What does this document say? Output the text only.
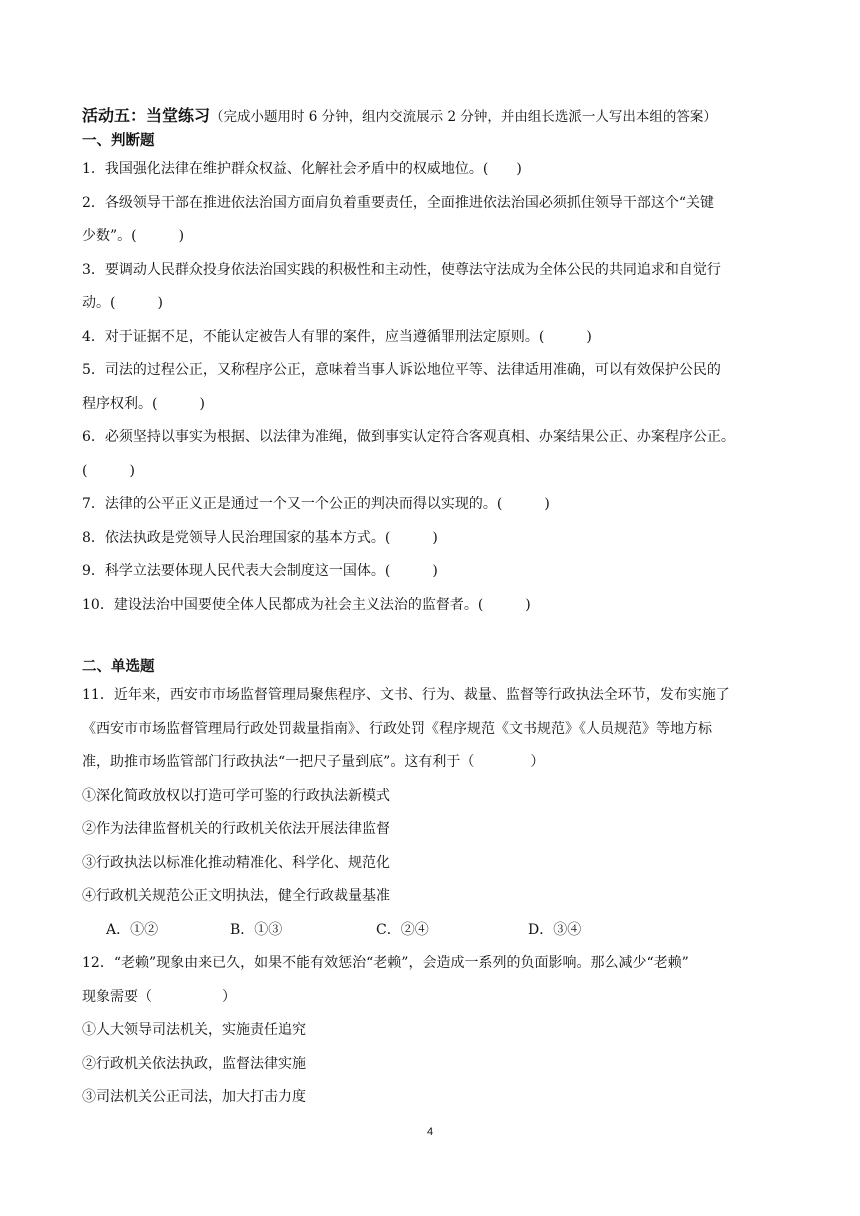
活动五：当堂练习（完成小题用时 6 分钟，组内交流展示 2 分钟，并由组长选派一人写出本组的答案）

一、判断题

1．我国强化法律在维护群众权益、化解社会矛盾中的权威地位。(　　)

2．各级领导干部在推进依法治国方面肩负着重要责任，全面推进依法治国必须抓住领导干部这个“关键

少数”。(　　　)

3．要调动人民群众投身依法治国实践的积极性和主动性，使尊法守法成为全体公民的共同追求和自觉行

动。(　　　)

4．对于证据不足，不能认定被告人有罪的案件，应当遵循罪刑法定原则。(　　　)

5．司法的过程公正，又称程序公正，意味着当事人诉讼地位平等、法律适用准确，可以有效保护公民的

程序权利。(　　　)

6．必须坚持以事实为根据、以法律为准绳，做到事实认定符合客观真相、办案结果公正、办案程序公正。

(　　　)

7．法律的公平正义正是通过一个又一个公正的判决而得以实现的。(　　　)

8．依法执政是党领导人民治理国家的基本方式。(　　　)

9．科学立法要体现人民代表大会制度这一国体。(　　　)

10．建设法治中国要使全体人民都成为社会主义法治的监督者。(　　　)

二、单选题

11．近年来，西安市市场监督管理局聚焦程序、文书、行为、裁量、监督等行政执法全环节，发布实施了

《西安市市场监督管理局行政处罚裁量指南》、行政处罚《程序规范《文书规范》《人员规范》等地方标

准，助推市场监管部门行政执法“一把尺子量到底”。这有利于（　　　　）

①深化简政放权以打造可学可鉴的行政执法新模式

②作为法律监督机关的行政机关依法开展法律监督

③行政执法以标准化推动精准化、科学化、规范化

④行政机关规范公正文明执法，健全行政裁量基准

A．①②	B．①③	C．②④	D．③④

12．“老赖”现象由来已久，如果不能有效惩治“老赖”，会造成一系列的负面影响。那么减少“老赖”

现象需要（　　　　　）

①人大领导司法机关，实施责任追究

②行政机关依法执政，监督法律实施

③司法机关公正司法，加大打击力度

4
